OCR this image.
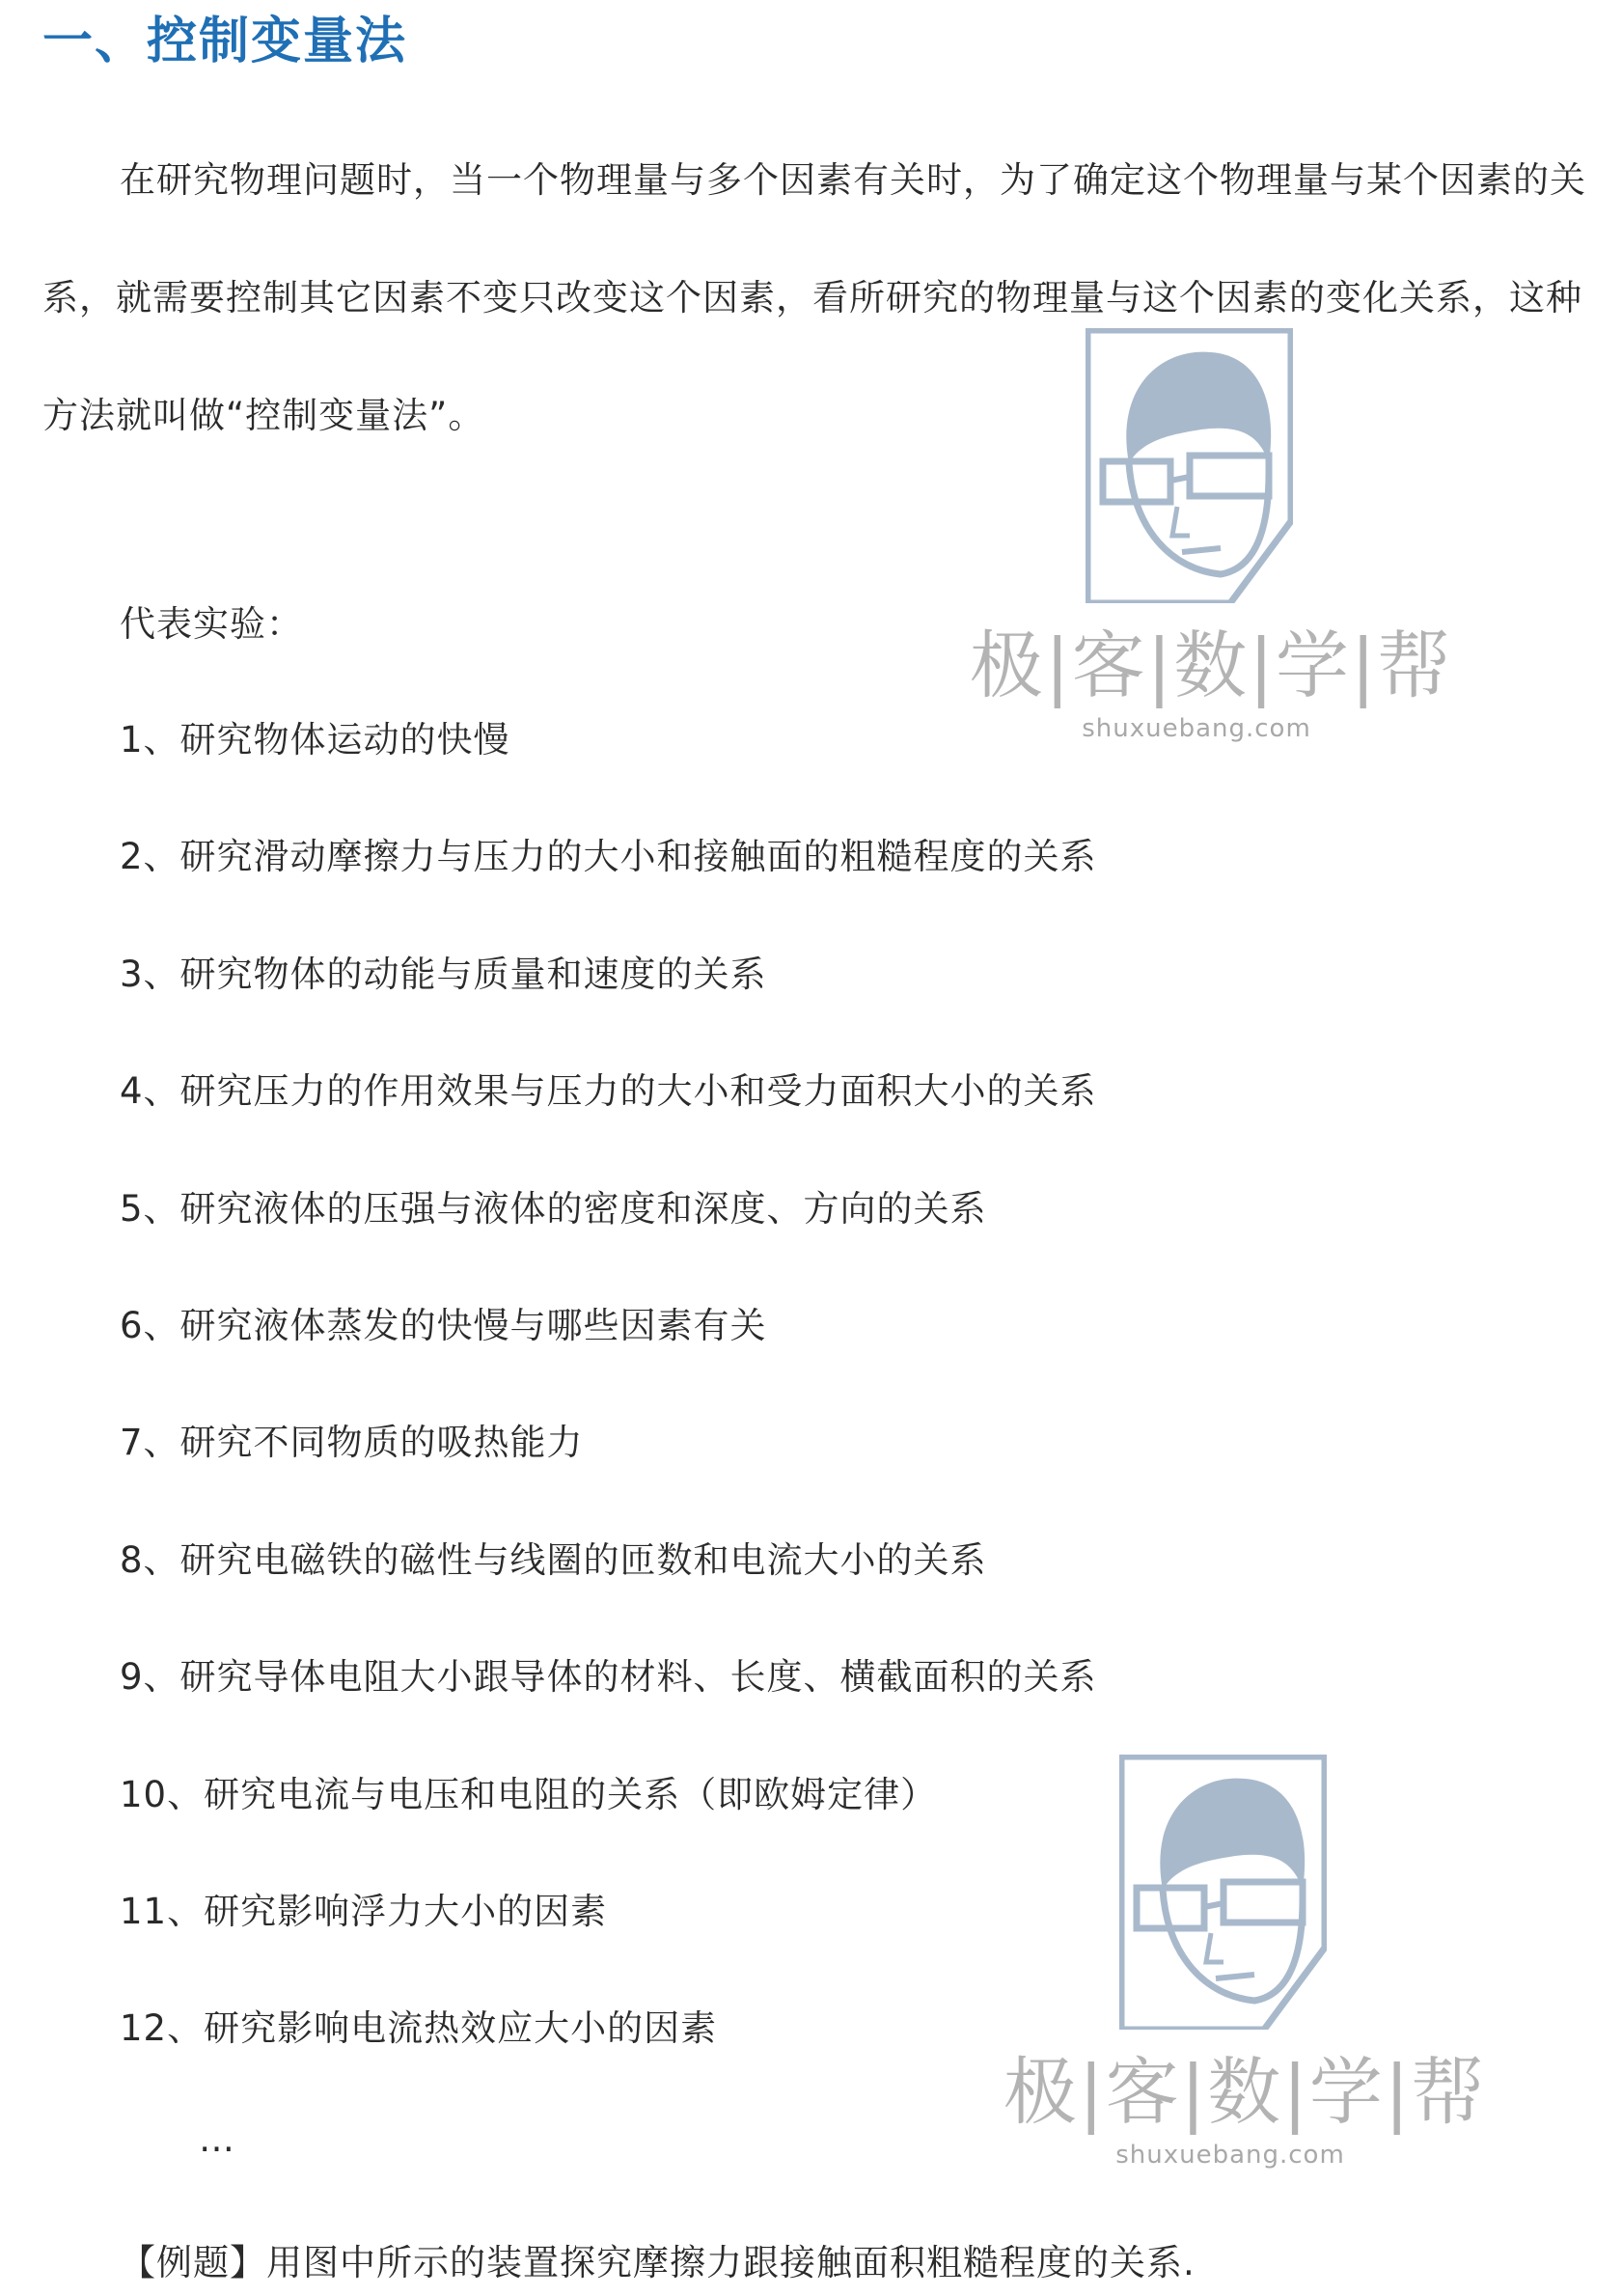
一、控制变量法

在研究物理问题时，当一个物理量与多个因素有关时，为了确定这个物理量与某个因素的关系，就需要控制其它因素不变只改变这个因素，看所研究的物理量与这个因素的变化关系，这种方法就叫做“控制变量法”。

极|客|数|学|帮
shuxuebang.com
代表实验：
1、研究物体运动的快慢
2、研究滑动摩擦力与压力的大小和接触面的粗糙程度的关系
3、研究物体的动能与质量和速度的关系
4、研究压力的作用效果与压力的大小和受力面积大小的关系
5、研究液体的压强与液体的密度和深度、方向的关系
6、研究液体蒸发的快慢与哪些因素有关
7、研究不同物质的吸热能力
8、研究电磁铁的磁性与线圈的匝数和电流大小的关系
9、研究导体电阻大小跟导体的材料、长度、横截面积的关系
10、研究电流与电压和电阻的关系（即欧姆定律）
11、研究影响浮力大小的因素
12、研究影响电流热效应大小的因素
极|客|数|学|帮
shuxuebang.com
…
【例题】用图中所示的装置探究摩擦力跟接触面积粗糙程度的关系.
